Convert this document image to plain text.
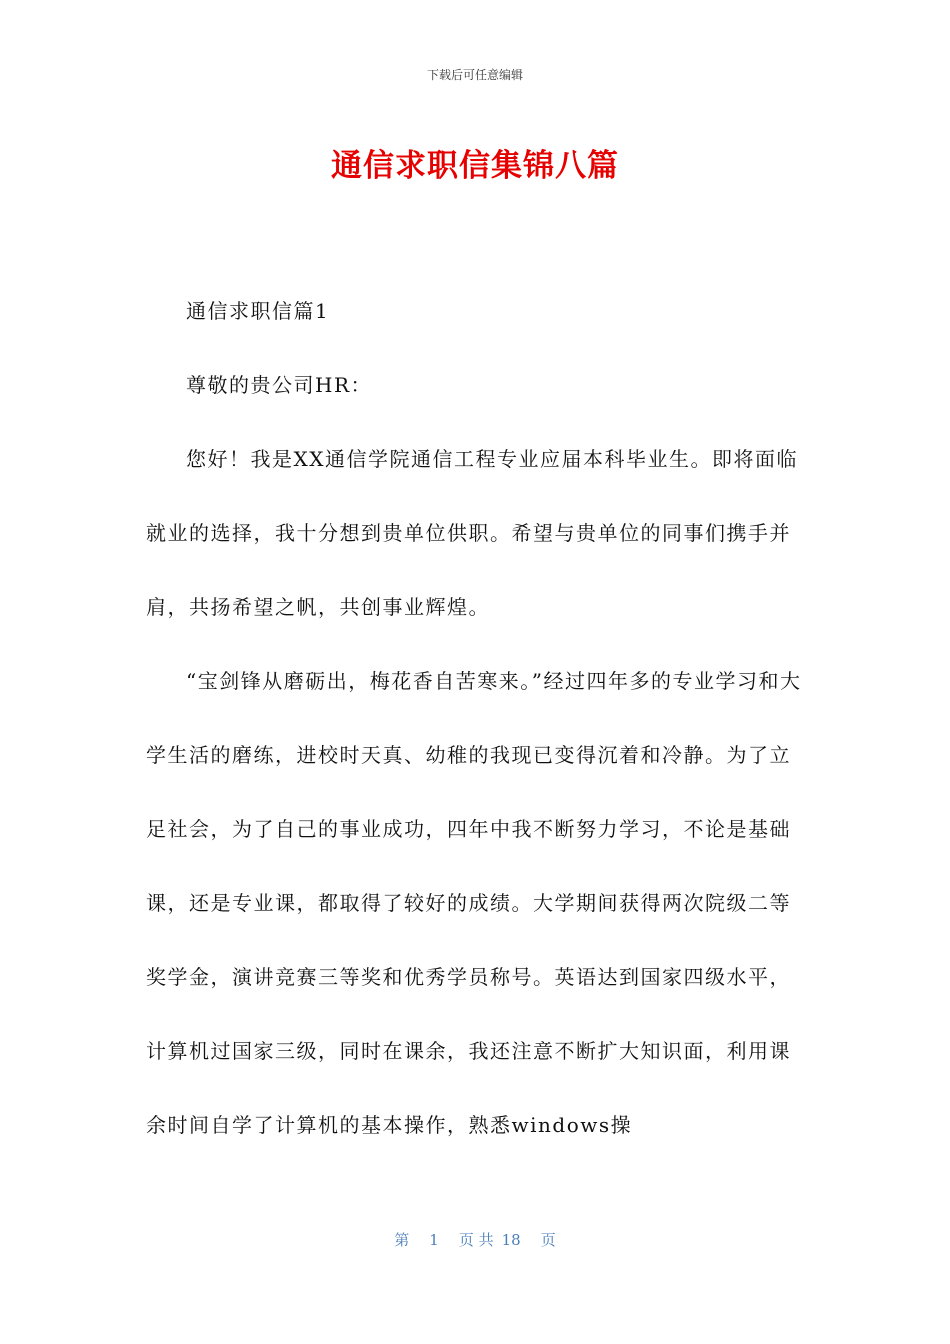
下载后可任意编辑
通信求职信集锦八篇

通信求职信篇1

尊敬的贵公司HR：

您好！我是XX通信学院通信工程专业应届本科毕业生。即将面临就业的选择，我十分想到贵单位供职。希望与贵单位的同事们携手并肩，共扬希望之帆，共创事业辉煌。

“宝剑锋从磨砺出，梅花香自苦寒来。”经过四年多的专业学习和大学生活的磨练，进校时天真、幼稚的我现已变得沉着和冷静。为了立足社会，为了自己的事业成功，四年中我不断努力学习，不论是基础课，还是专业课，都取得了较好的成绩。大学期间获得两次院级二等奖学金，演讲竞赛三等奖和优秀学员称号。英语达到国家四级水平，计算机过国家三级，同时在课余，我还注意不断扩大知识面，利用课余时间自学了计算机的基本操作，熟悉windows操

第 1 页 共 18 页
